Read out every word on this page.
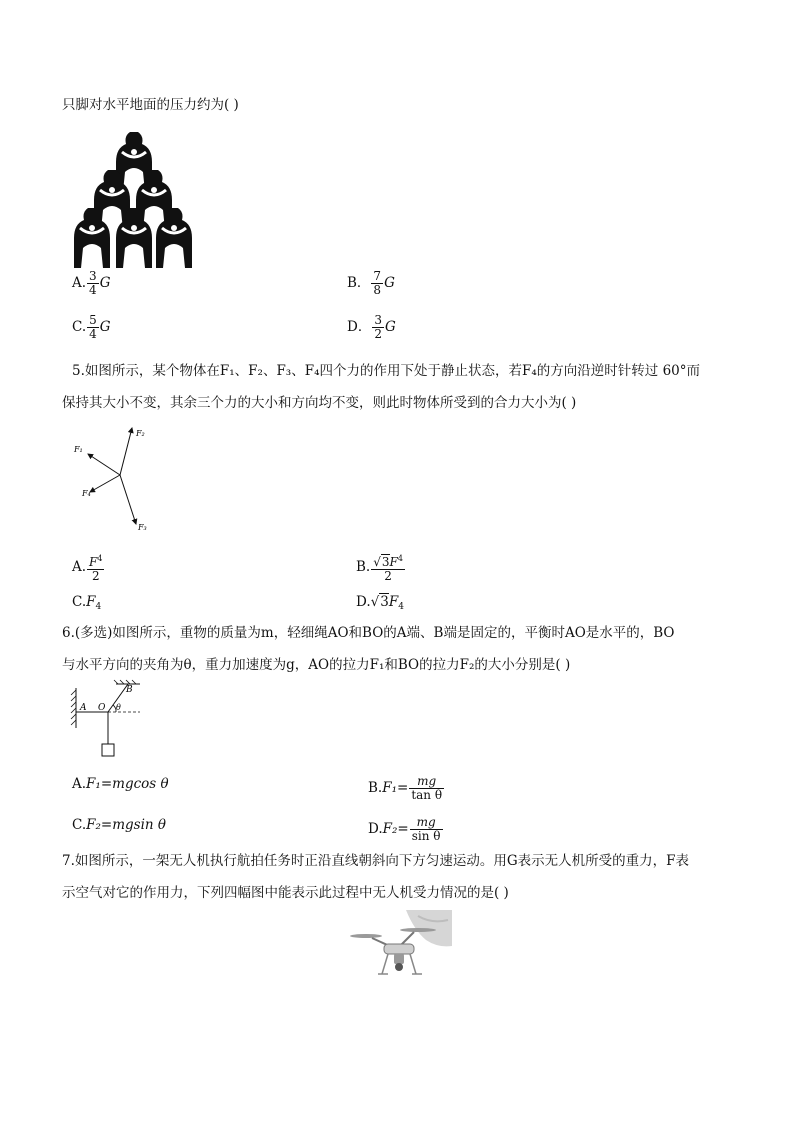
只脚对水平地面的压力约为( )
A. $\frac{3}{4}$ G	B． $\frac{7}{8}$ G
C. $\frac{5}{4}$ G	D． $\frac{3}{2}$ G
5.如图所示，某个物体在F₁、F₂、F₃、F₄四个力的作用下处于静止状态，若F₄的方向沿逆时针转过 60°而
保持其大小不变，其余三个力的大小和方向均不变，则此时物体所受到的合力大小为( )
F₂
F₁
F₄
F₃
A. $\frac{F^4}{2}$	B. $\frac{√3F^4}{2}$
$C.F_4$	$D.√3F_4$
6.(多选)如图所示，重物的质量为m，轻细绳AO和BO的A端、B端是固定的，平衡时AO是水平的，BO
与水平方向的夹角为θ，重力加速度为g，AO的拉力F₁和BO的拉力F₂的大小分别是( )
A O
B
θ
A.F₁=mgcos θ	$B.F_1= \frac{mg}{\text{tan θ}}$
C.F₂=mgsin θ	$D.F_2= \frac{mg}{\text{sin θ}}$
7.如图所示，一架无人机执行航拍任务时正沿直线朝斜向下方匀速运动。用G表示无人机所受的重力，F表
示空气对它的作用力，下列四幅图中能表示此过程中无人机受力情况的是( )
